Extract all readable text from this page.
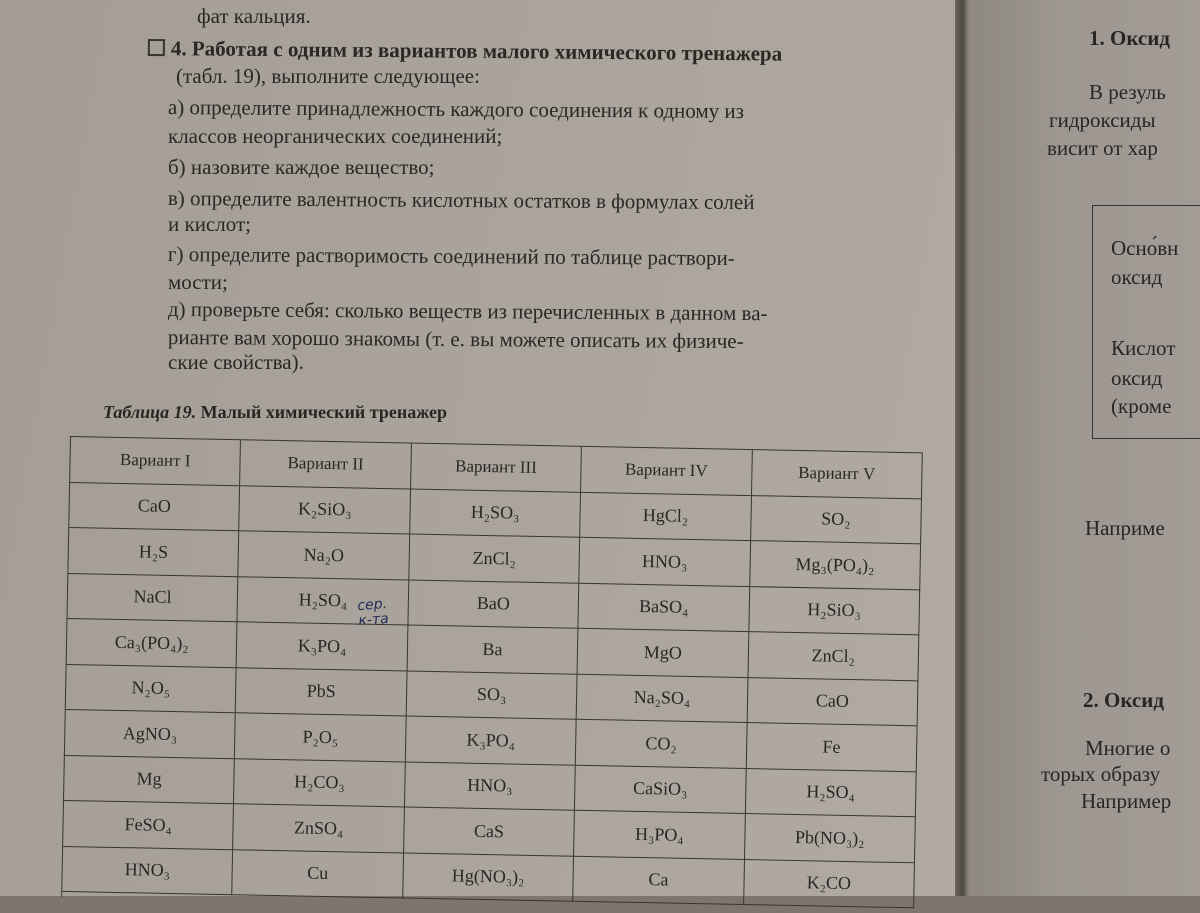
фат кальция.
4. Работая с одним из вариантов малого химического тренажера
(табл. 19), выполните следующее:
а) определите принадлежность каждого соединения к одному из
классов неорганических соединений;
б) назовите каждое вещество;
в) определите валентность кислотных остатков в формулах солей
и кислот;
г) определите растворимость соединений по таблице раствори-
мости;
д) проверьте себя: сколько веществ из перечисленных в данном ва-
рианте вам хорошо знакомы (т. е. вы можете описать их физиче-
ские свойства).
Таблица 19. Малый химический тренажер
Вариант I	Вариант II	Вариант III	Вариант IV	Вариант V
CaO	K₂SiO₃	H₂SO₃	HgCl₂	SO₂
H₂S	Na₂O	ZnCl₂	HNO₃	Mg₃(PO₄)₂
NaCl	H₂SO₄	BaO	BaSO₄	H₂SiO₃
Ca₃(PO₄)₂	K₃PO₄	Ba	MgO	ZnCl₂
N₂O₅	PbS	SO₃	Na₂SO₄	CaO
AgNO₃	P₂O₅	K₃PO₄	CO₂	Fe
Mg	H₂CO₃	HNO₃	CaSiO₃	H₂SO₄
FeSO₄	ZnSO₄	CaS	H₃PO₄	Pb(NO₃)₂
HNO₃	Cu	Hg(NO₃)₂	Ca	K₂CO
сер.
к-та
1. Оксид
В резуль
гидроксиды
висит от хар
Осно́вн
оксид
Кислот
оксид
(кроме
Наприме
2. Оксид
Многие о
торых образу
Например
